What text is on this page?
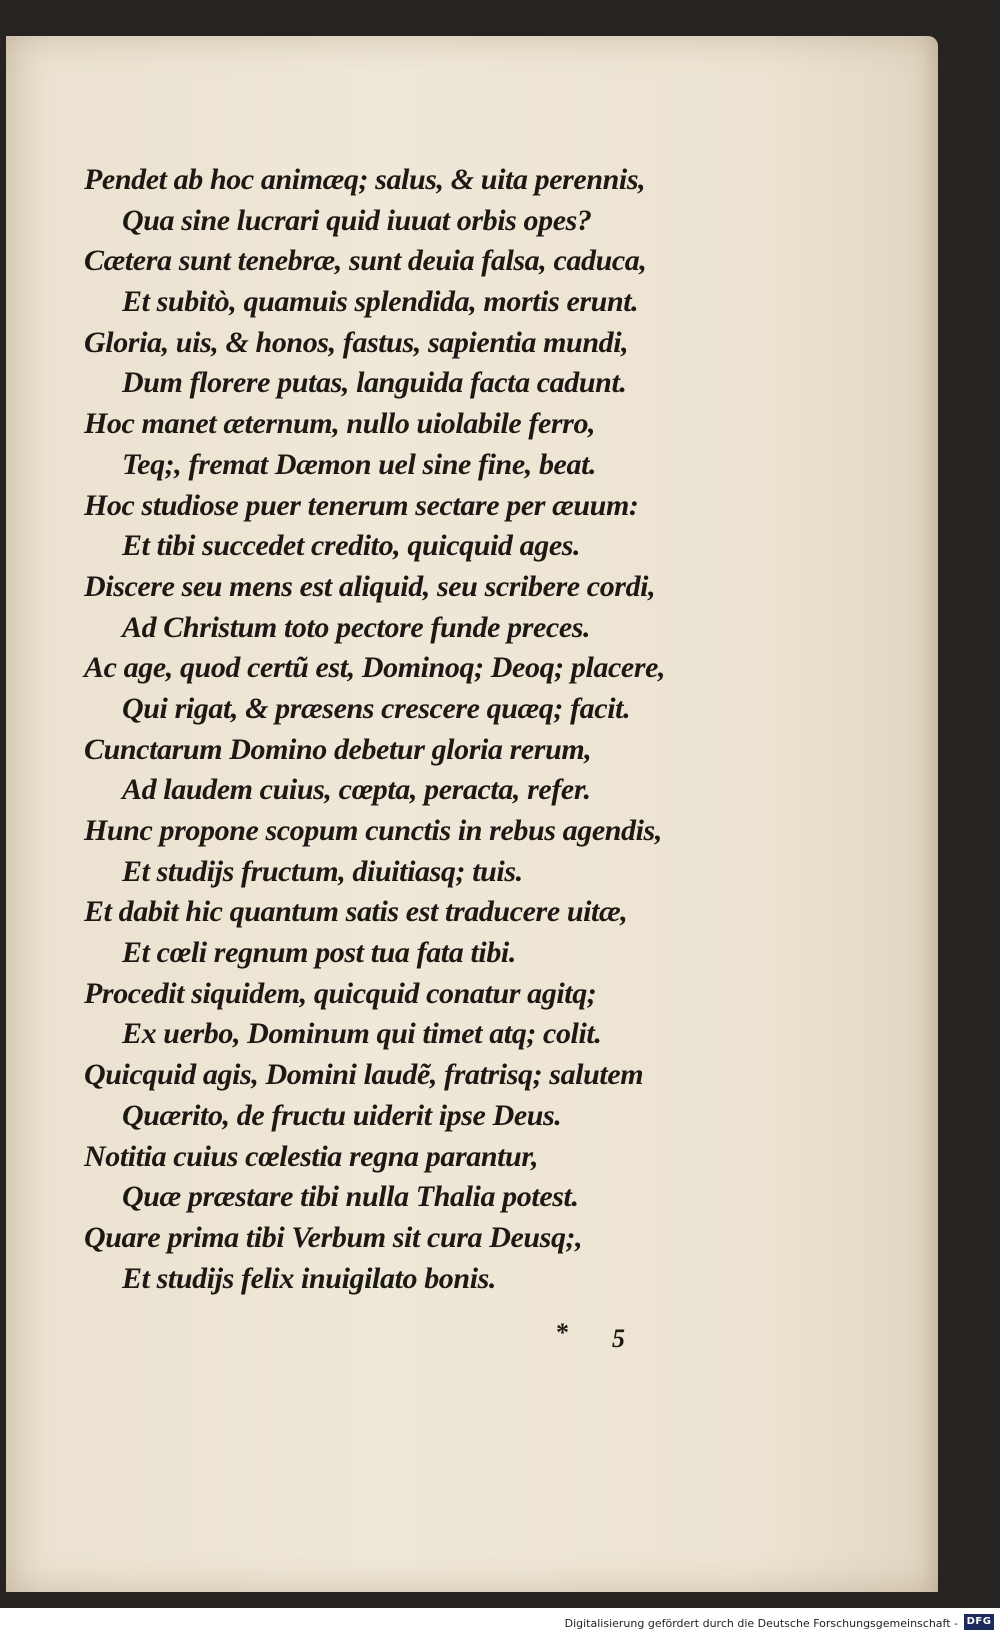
Pendet ab hoc animæq; salus, & uita perennis,
Qua sine lucrari quid iuuat orbis opes?
Cætera sunt tenebræ, sunt deuia falsa, caduca,
Et subitò, quamuis splendida, mortis erunt.
Gloria, uis, & honos, fastus, sapientia mundi,
Dum florere putas, languida facta cadunt.
Hoc manet æternum, nullo uiolabile ferro,
Teq;, fremat Dæmon uel sine fine, beat.
Hoc studiose puer tenerum sectare per æuum:
Et tibi succedet credito, quicquid ages.
Discere seu mens est aliquid, seu scribere cordi,
Ad Christum toto pectore funde preces.
Ac age, quod certũ est, Dominoq; Deoq; placere,
Qui rigat, & præsens crescere quæq; facit.
Cunctarum Domino debetur gloria rerum,
Ad laudem cuius, cœpta, peracta, refer.
Hunc propone scopum cunctis in rebus agendis,
Et studijs fructum, diuitiasq; tuis.
Et dabit hic quantum satis est traducere uitæ,
Et cœli regnum post tua fata tibi.
Procedit siquidem, quicquid conatur agitq;
Ex uerbo, Dominum qui timet atq; colit.
Quicquid agis, Domini laudẽ, fratrisq; salutem
Quærito, de fructu uiderit ipse Deus.
Notitia cuius cœlestia regna parantur,
Quæ præstare tibi nulla Thalia potest.
Quare prima tibi Verbum sit cura Deusq;,
Et studijs felix inuigilato bonis.
* 5
Digitalisierung gefördert durch die Deutsche Forschungsgemeinschaft - DFG
